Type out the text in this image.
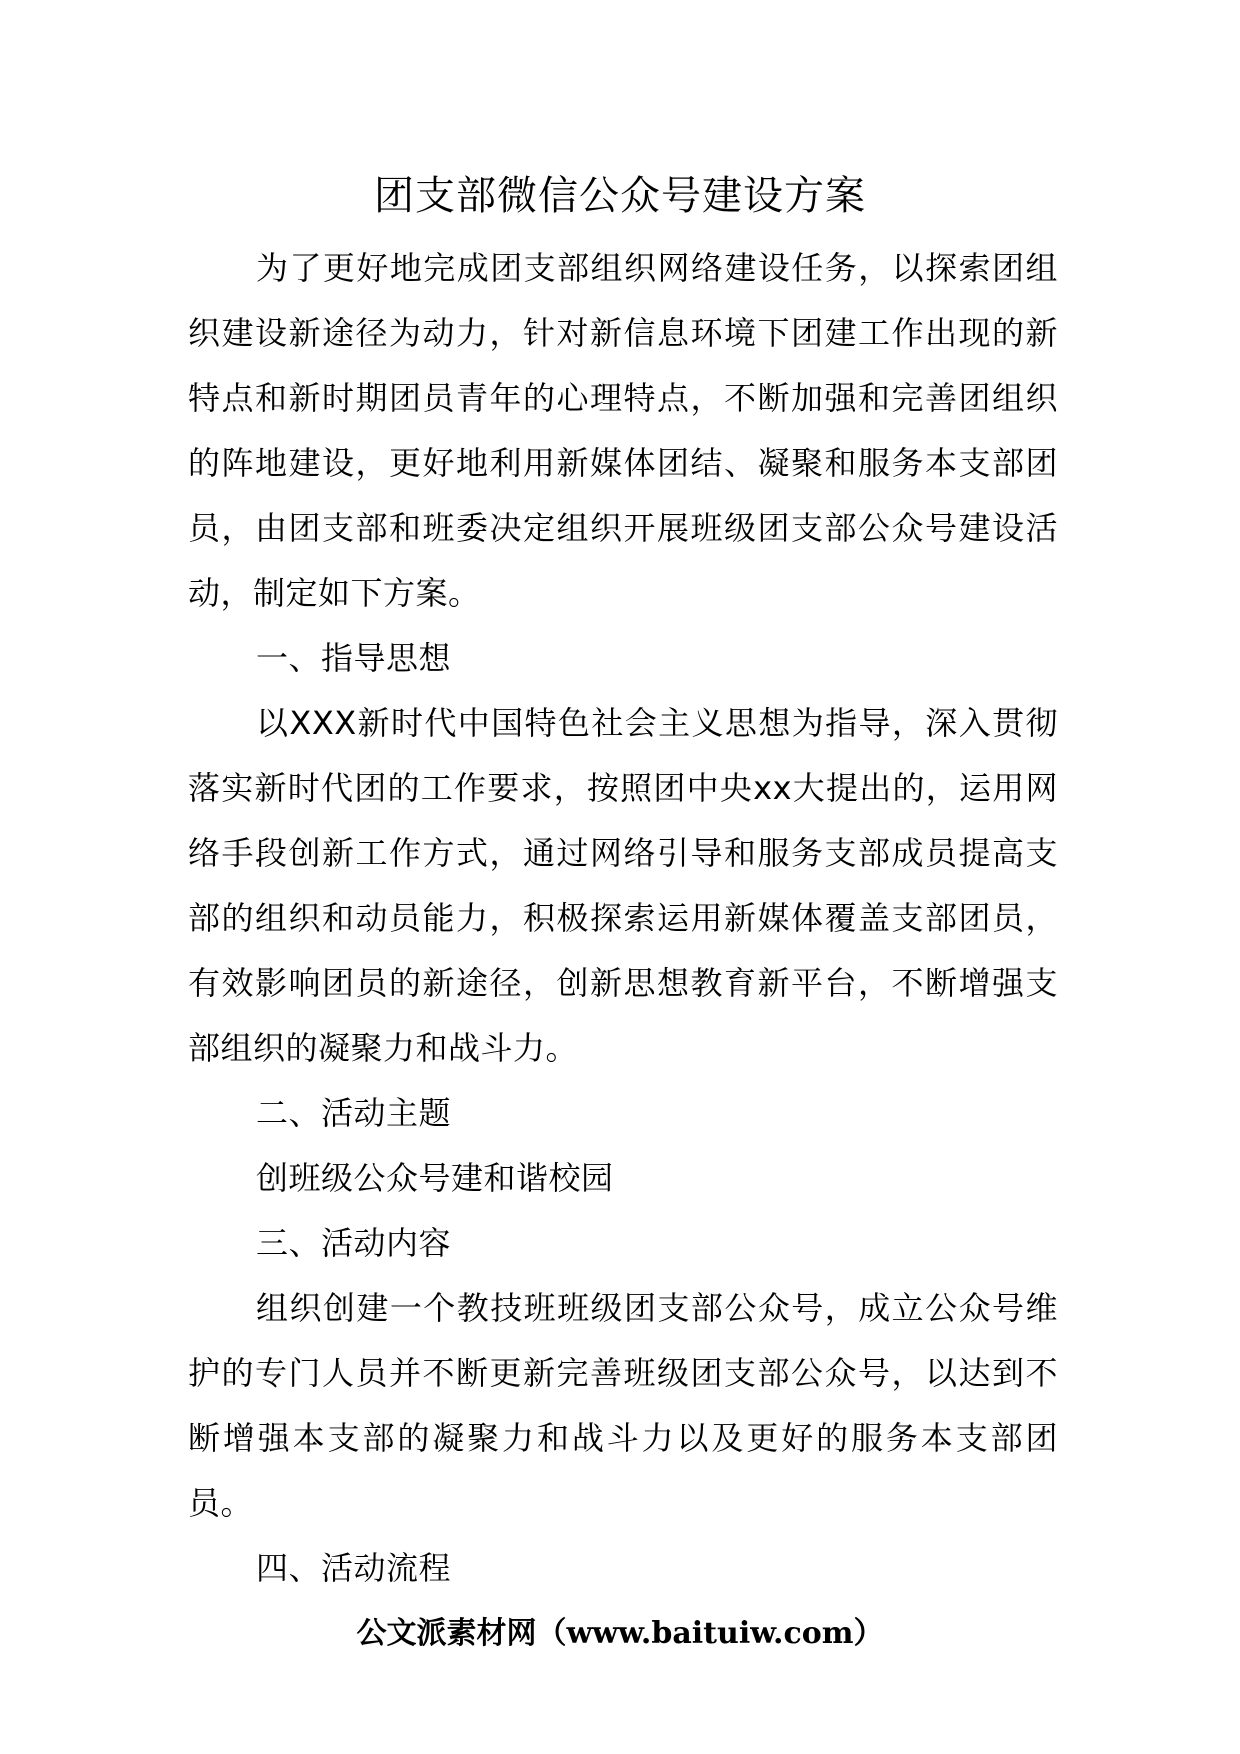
团支部微信公众号建设方案

为了更好地完成团支部组织网络建设任务，以探索团组织建设新途径为动力，针对新信息环境下团建工作出现的新特点和新时期团员青年的心理特点，不断加强和完善团组织的阵地建设，更好地利用新媒体团结、凝聚和服务本支部团员，由团支部和班委决定组织开展班级团支部公众号建设活动，制定如下方案。

一、指导思想

以XXX新时代中国特色社会主义思想为指导，深入贯彻落实新时代团的工作要求，按照团中央xx大提出的，运用网络手段创新工作方式，通过网络引导和服务支部成员提高支部的组织和动员能力，积极探索运用新媒体覆盖支部团员，有效影响团员的新途径，创新思想教育新平台，不断增强支部组织的凝聚力和战斗力。

二、活动主题

创班级公众号建和谐校园

三、活动内容

组织创建一个教技班班级团支部公众号，成立公众号维护的专门人员并不断更新完善班级团支部公众号，以达到不断增强本支部的凝聚力和战斗力以及更好的服务本支部团员。

四、活动流程

公文派素材网（www.baituiw.com）
